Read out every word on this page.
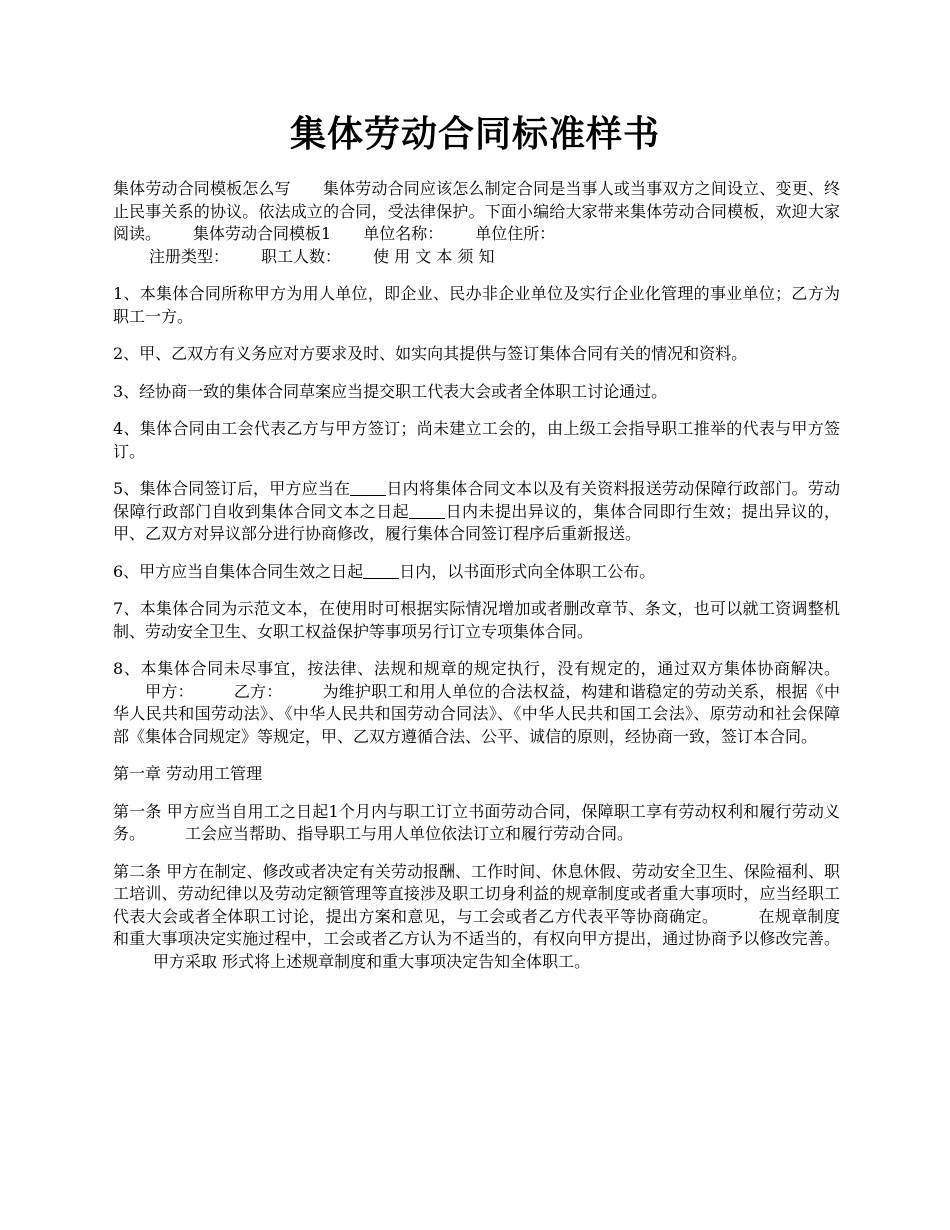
集体劳动合同标准样书

集体劳动合同模板怎么写 集体劳动合同应该怎么制定合同是当事人或当事双方之间设立、变更、终止民事关系的协议。依法成立的合同，受法律保护。下面小编给大家带来集体劳动合同模板，欢迎大家阅读。 集体劳动合同模板1 单位名称： 单位住所：
注册类型： 职工人数： 使 用 文 本 须 知

1、本集体合同所称甲方为用人单位，即企业、民办非企业单位及实行企业化管理的事业单位；乙方为职工一方。

2、甲、乙双方有义务应对方要求及时、如实向其提供与签订集体合同有关的情况和资料。

3、经协商一致的集体合同草案应当提交职工代表大会或者全体职工讨论通过。

4、集体合同由工会代表乙方与甲方签订；尚未建立工会的，由上级工会指导职工推举的代表与甲方签订。

5、集体合同签订后，甲方应当在 日内将集体合同文本以及有关资料报送劳动保障行政部门。劳动保障行政部门自收到集体合同文本之日起 日内未提出异议的，集体合同即行生效；提出异议的，甲、乙双方对异议部分进行协商修改，履行集体合同签订程序后重新报送。

6、甲方应当自集体合同生效之日起 日内，以书面形式向全体职工公布。

7、本集体合同为示范文本，在使用时可根据实际情况增加或者删改章节、条文，也可以就工资调整机制、劳动安全卫生、女职工权益保护等事项另行订立专项集体合同。

8、本集体合同未尽事宜，按法律、法规和规章的规定执行，没有规定的，通过双方集体协商解决。甲方：	乙方：	为维护职工和用人单位的合法权益，构建和谐稳定的劳动关系，根据《中华人民共和国劳动法》、《中华人民共和国劳动合同法》、《中华人民共和国工会法》、原劳动和社会保障部《集体合同规定》等规定，甲、乙双方遵循合法、公平、诚信的原则，经协商一致，签订本合同。

第一章 劳动用工管理

第一条 甲方应当自用工之日起1个月内与职工订立书面劳动合同，保障职工享有劳动权利和履行劳动义务。	工会应当帮助、指导职工与用人单位依法订立和履行劳动合同。

第二条 甲方在制定、修改或者决定有关劳动报酬、工作时间、休息休假、劳动安全卫生、保险福利、职工培训、劳动纪律以及劳动定额管理等直接涉及职工切身利益的规章制度或者重大事项时，应当经职工代表大会或者全体职工讨论，提出方案和意见，与工会或者乙方代表平等协商确定。	在规章制度和重大事项决定实施过程中，工会或者乙方认为不适当的，有权向甲方提出，通过协商予以修改完善。甲方采取 形式将上述规章制度和重大事项决定告知全体职工。
